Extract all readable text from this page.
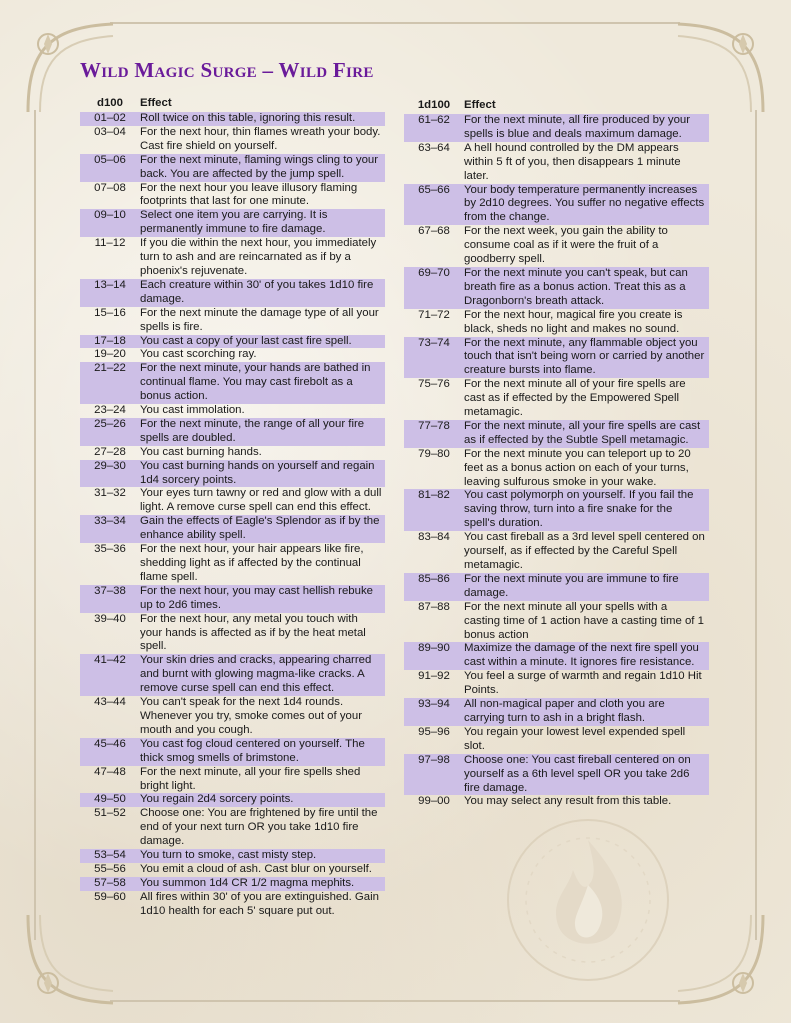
Wild Magic Surge – Wild Fire
d100	Effect
01–02	Roll twice on this table, ignoring this result.
03–04	For the next hour, thin flames wreath your body. Cast fire shield on yourself.
05–06	For the next minute, flaming wings cling to your back. You are affected by the jump spell.
07–08	For the next hour you leave illusory flaming footprints that last for one minute.
09–10	Select one item you are carrying. It is permanently immune to fire damage.
11–12	If you die within the next hour, you immediately turn to ash and are reincarnated as if by a phoenix's rejuvenate.
13–14	Each creature within 30' of you takes 1d10 fire damage.
15–16	For the next minute the damage type of all your spells is fire.
17–18	You cast a copy of your last cast fire spell.
19–20	You cast scorching ray.
21–22	For the next minute, your hands are bathed in continual flame. You may cast firebolt as a bonus action.
23–24	You cast immolation.
25–26	For the next minute, the range of all your fire spells are doubled.
27–28	You cast burning hands.
29–30	You cast burning hands on yourself and regain 1d4 sorcery points.
31–32	Your eyes turn tawny or red and glow with a dull light. A remove curse spell can end this effect.
33–34	Gain the effects of Eagle's Splendor as if by the enhance ability spell.
35–36	For the next hour, your hair appears like fire, shedding light as if affected by the continual flame spell.
37–38	For the next hour, you may cast hellish rebuke up to 2d6 times.
39–40	For the next hour, any metal you touch with your hands is affected as if by the heat metal spell.
41–42	Your skin dries and cracks, appearing charred and burnt with glowing magma-like cracks. A remove curse spell can end this effect.
43–44	You can't speak for the next 1d4 rounds. Whenever you try, smoke comes out of your mouth and you cough.
45–46	You cast fog cloud centered on yourself. The thick smog smells of brimstone.
47–48	For the next minute, all your fire spells shed bright light.
49–50	You regain 2d4 sorcery points.
51–52	Choose one: You are frightened by fire until the end of your next turn OR you take 1d10 fire damage.
53–54	You turn to smoke, cast misty step.
55–56	You emit a cloud of ash. Cast blur on yourself.
57–58	You summon 1d4 CR 1/2 magma mephits.
59–60	All fires within 30' of you are extinguished. Gain 1d10 health for each 5' square put out.
1d100	Effect
61–62	For the next minute, all fire produced by your spells is blue and deals maximum damage.
63–64	A hell hound controlled by the DM appears within 5 ft of you, then disappears 1 minute later.
65–66	Your body temperature permanently increases by 2d10 degrees. You suffer no negative effects from the change.
67–68	For the next week, you gain the ability to consume coal as if it were the fruit of a goodberry spell.
69–70	For the next minute you can't speak, but can breath fire as a bonus action. Treat this as a Dragonborn's breath attack.
71–72	For the next hour, magical fire you create is black, sheds no light and makes no sound.
73–74	For the next minute, any flammable object you touch that isn't being worn or carried by another creature bursts into flame.
75–76	For the next minute all of your fire spells are cast as if effected by the Empowered Spell metamagic.
77–78	For the next minute, all your fire spells are cast as if effected by the Subtle Spell metamagic.
79–80	For the next minute you can teleport up to 20 feet as a bonus action on each of your turns, leaving sulfurous smoke in your wake.
81–82	You cast polymorph on yourself. If you fail the saving throw, turn into a fire snake for the spell's duration.
83–84	You cast fireball as a 3rd level spell centered on yourself, as if effected by the Careful Spell metamagic.
85–86	For the next minute you are immune to fire damage.
87–88	For the next minute all your spells with a casting time of 1 action have a casting time of 1 bonus action
89–90	Maximize the damage of the next fire spell you cast within a minute. It ignores fire resistance.
91–92	You feel a surge of warmth and regain 1d10 Hit Points.
93–94	All non-magical paper and cloth you are carrying turn to ash in a bright flash.
95–96	You regain your lowest level expended spell slot.
97–98	Choose one: You cast fireball centered on on yourself as a 6th level spell OR you take 2d6 fire damage.
99–00	You may select any result from this table.
